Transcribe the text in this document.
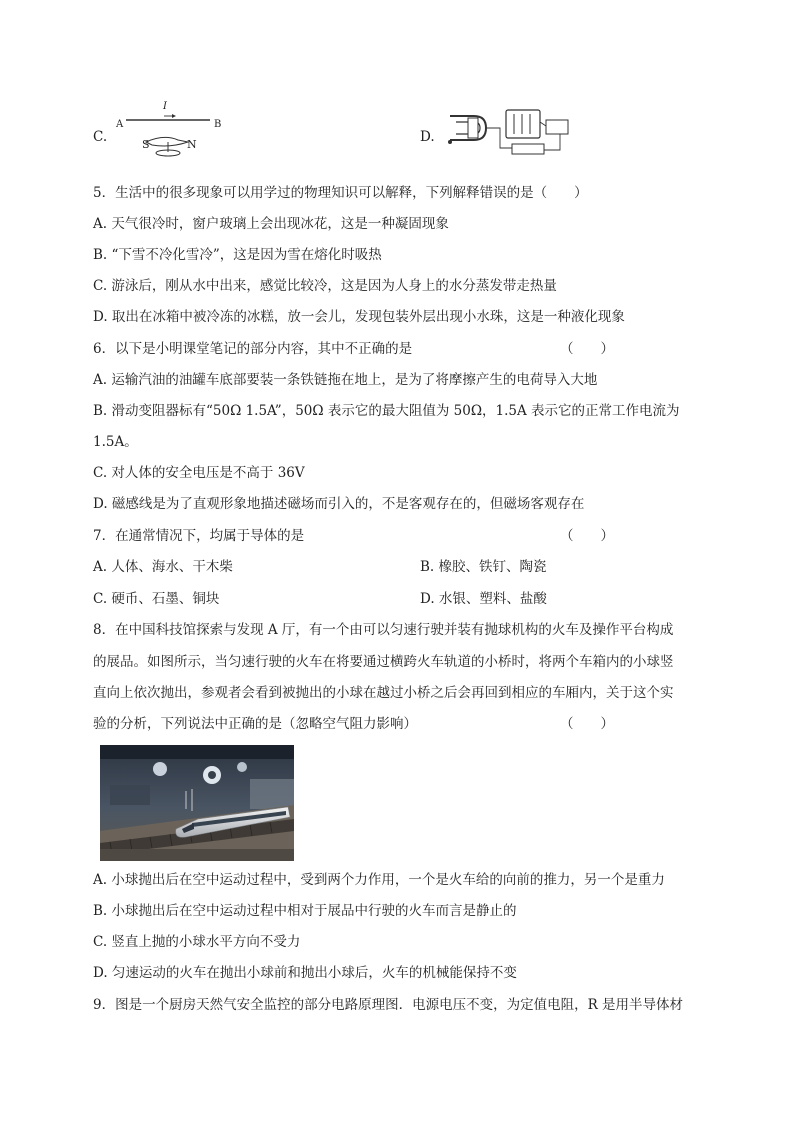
C.
A	B
I
S	N	D.
5．生活中的很多现象可以用学过的物理知识可以解释，下列解释错误的是（　　）
A. 天气很冷时，窗户玻璃上会出现冰花，这是一种凝固现象
B. “下雪不冷化雪冷”，这是因为雪在熔化时吸热
C. 游泳后，刚从水中出来，感觉比较冷，这是因为人身上的水分蒸发带走热量
D. 取出在冰箱中被冷冻的冰糕，放一会儿，发现包装外层出现小水珠，这是一种液化现象
6．以下是小明课堂笔记的部分内容，其中不正确的是	（　　）
A. 运输汽油的油罐车底部要装一条铁链拖在地上，是为了将摩擦产生的电荷导入大地
B. 滑动变阻器标有“50Ω 1.5A”，50Ω 表示它的最大阻值为 50Ω，1.5A 表示它的正常工作电流为
1.5A。
C. 对人体的安全电压是不高于 36V
D. 磁感线是为了直观形象地描述磁场而引入的，不是客观存在的，但磁场客观存在
7．在通常情况下，均属于导体的是	（　　）
A. 人体、海水、干木柴	B. 橡胶、铁钉、陶瓷
C. 硬币、石墨、铜块	D. 水银、塑料、盐酸
8．在中国科技馆探索与发现 A 厅，有一个由可以匀速行驶并装有抛球机构的火车及操作平台构成
的展品。如图所示，当匀速行驶的火车在将要通过横跨火车轨道的小桥时，将两个车箱内的小球竖
直向上依次抛出，参观者会看到被抛出的小球在越过小桥之后会再回到相应的车厢内，关于这个实
验的分析，下列说法中正确的是（忽略空气阻力影响）	（　　）
A. 小球抛出后在空中运动过程中，受到两个力作用，一个是火车给的向前的推力，另一个是重力
B. 小球抛出后在空中运动过程中相对于展品中行驶的火车而言是静止的
C. 竖直上抛的小球水平方向不受力
D. 匀速运动的火车在抛出小球前和抛出小球后，火车的机械能保持不变
9．图是一个厨房天然气安全监控的部分电路原理图．电源电压不变，为定值电阻，R 是用半导体材
